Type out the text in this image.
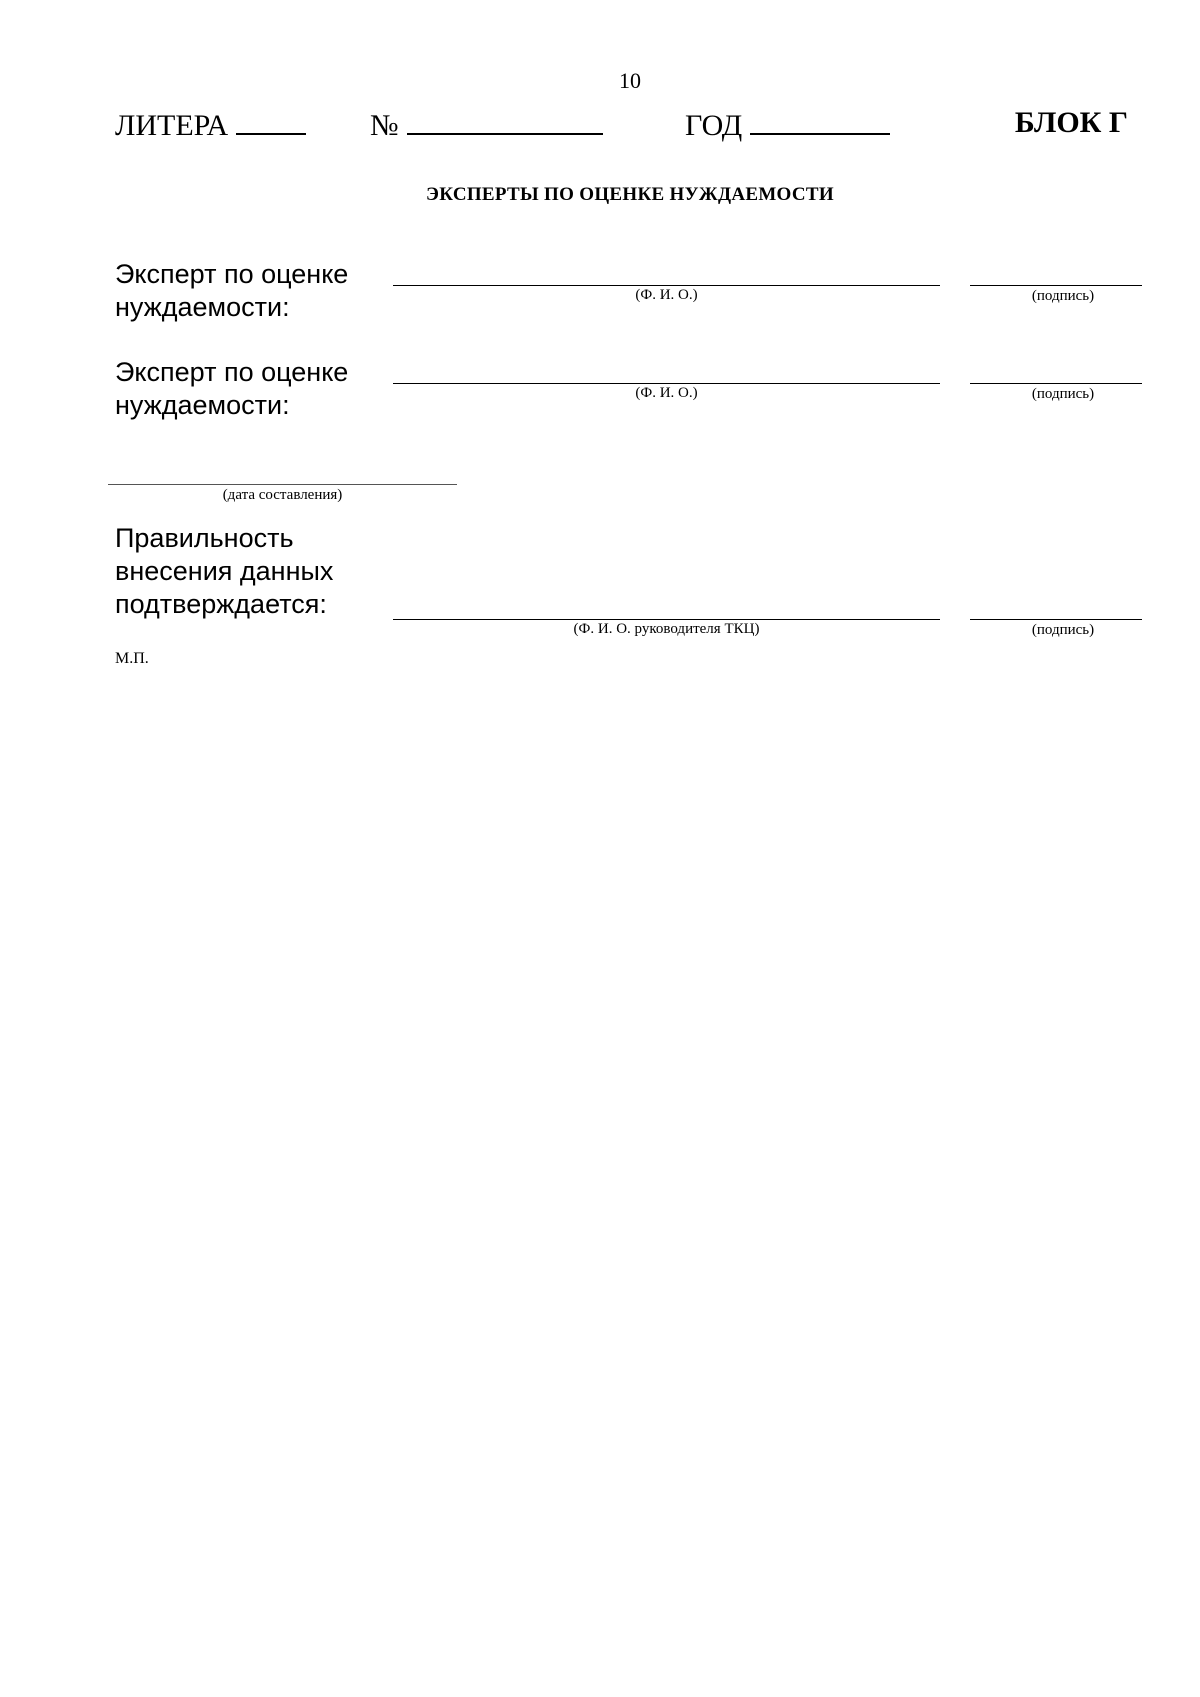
10
ЛИТЕРА	№	ГОД	БЛОК Г
ЭКСПЕРТЫ ПО ОЦЕНКЕ НУЖДАЕМОСТИ
Эксперт по оценке
нуждаемости:	(Ф. И. О.)	(подпись)
Эксперт по оценке
нуждаемости:	(Ф. И. О.)	(подпись)
(дата составления)
Правильность
внесения данных
подтверждается:
(Ф. И. О. руководителя ТКЦ)	(подпись)
М.П.
